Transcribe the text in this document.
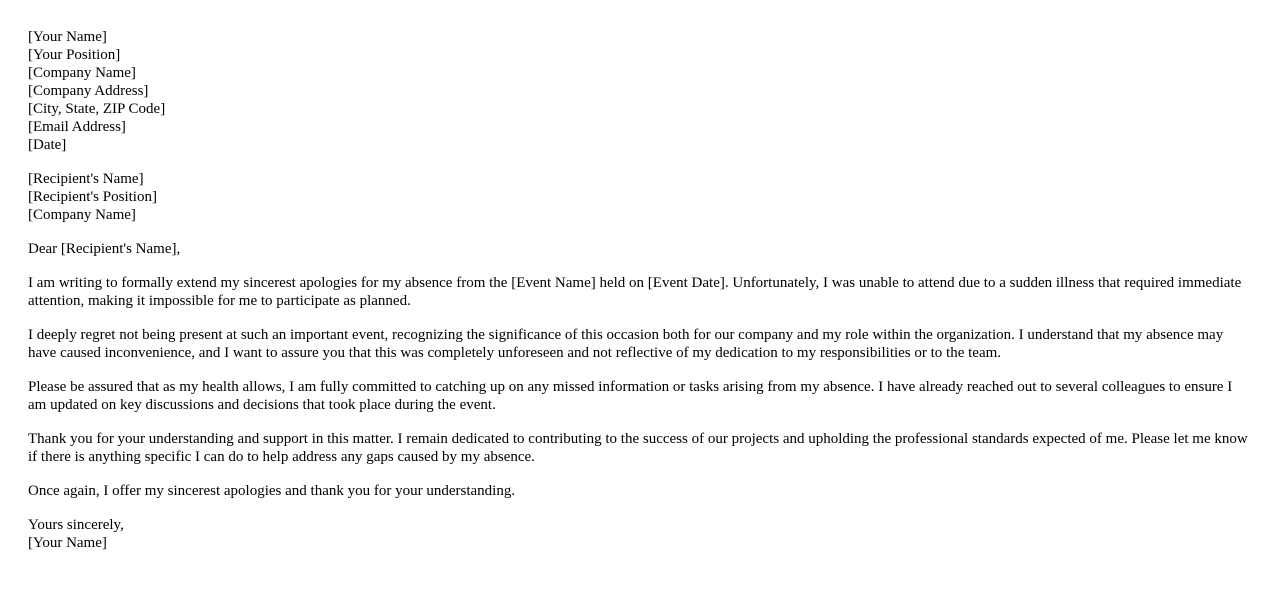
[Your Name]
[Your Position]
[Company Name]
[Company Address]
[City, State, ZIP Code]
[Email Address]
[Date]
[Recipient's Name]
[Recipient's Position]
[Company Name]

Dear [Recipient's Name],

I am writing to formally extend my sincerest apologies for my absence from the [Event Name] held on [Event Date]. Unfortunately, I was unable to attend due to a sudden illness that required immediate attention, making it impossible for me to participate as planned.

I deeply regret not being present at such an important event, recognizing the significance of this occasion both for our company and my role within the organization. I understand that my absence may have caused inconvenience, and I want to assure you that this was completely unforeseen and not reflective of my dedication to my responsibilities or to the team.

Please be assured that as my health allows, I am fully committed to catching up on any missed information or tasks arising from my absence. I have already reached out to several colleagues to ensure I am updated on key discussions and decisions that took place during the event.

Thank you for your understanding and support in this matter. I remain dedicated to contributing to the success of our projects and upholding the professional standards expected of me. Please let me know if there is anything specific I can do to help address any gaps caused by my absence.

Once again, I offer my sincerest apologies and thank you for your understanding.

Yours sincerely,
[Your Name]
